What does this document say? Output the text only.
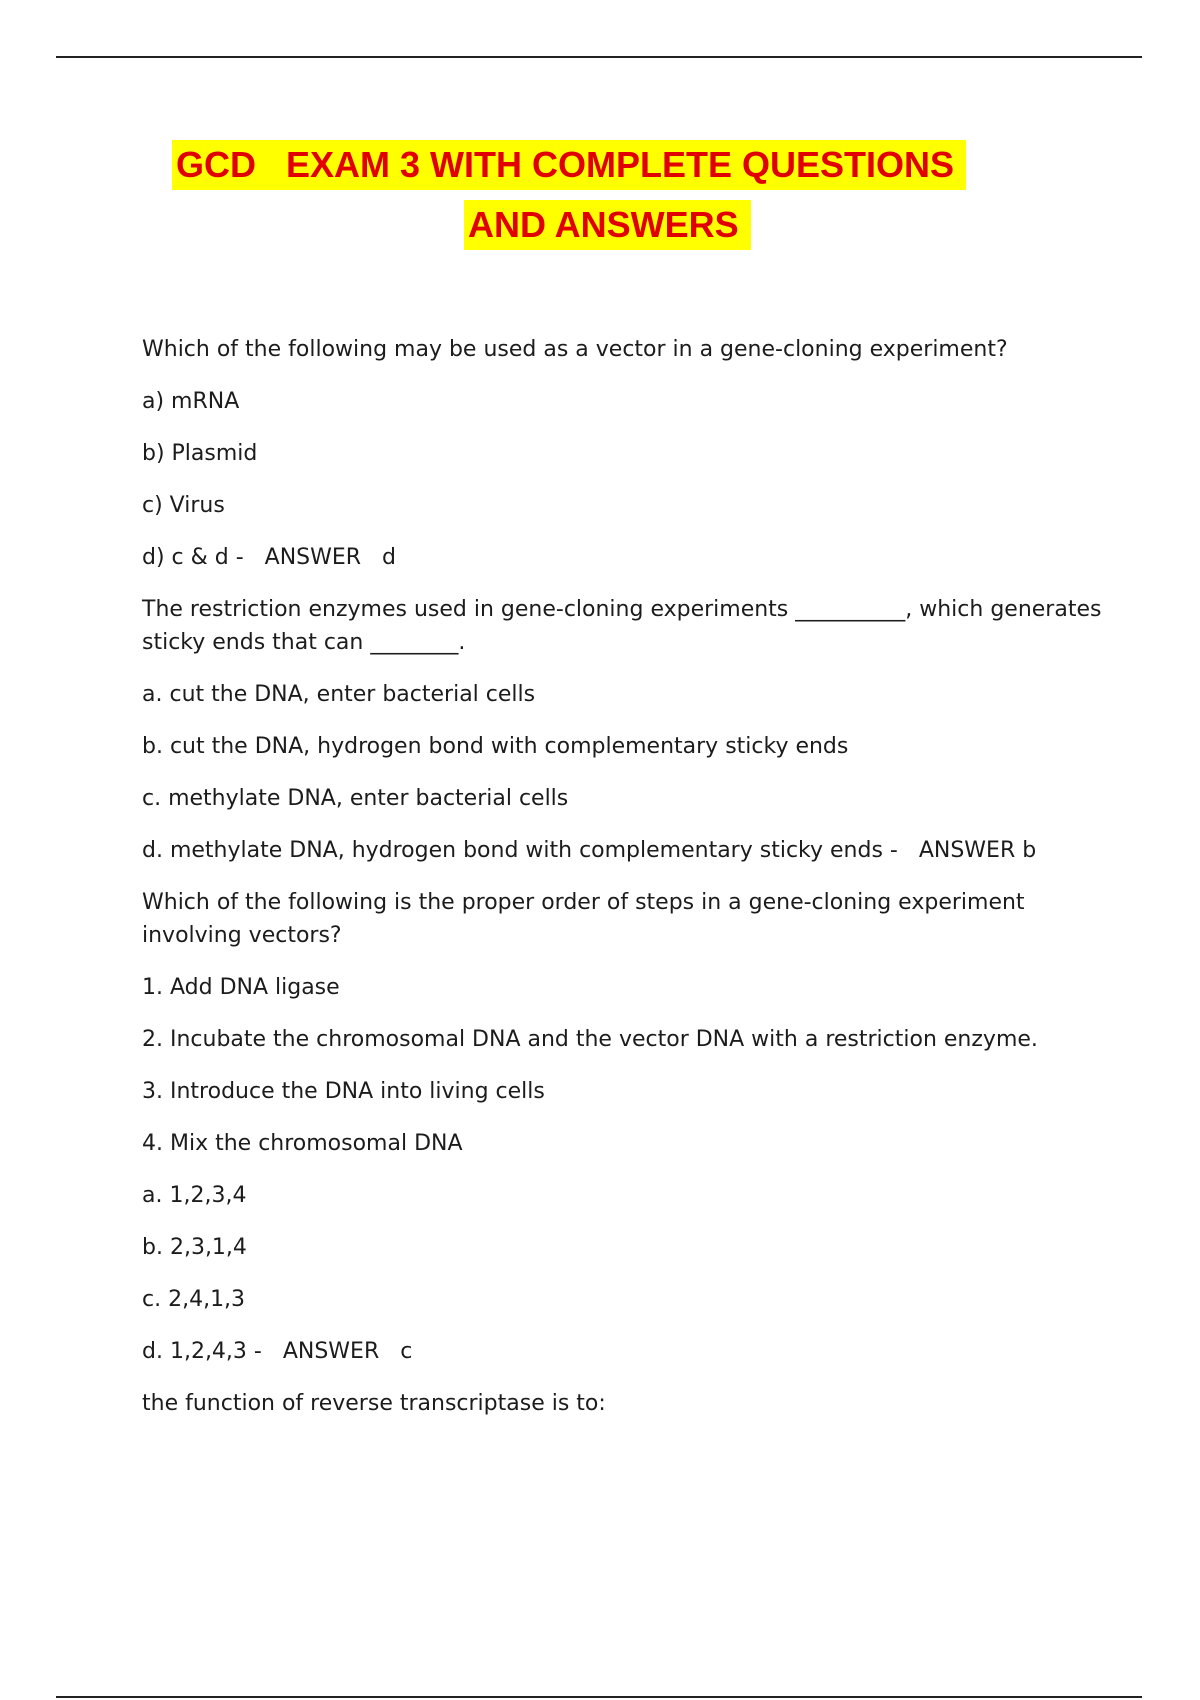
GCD   EXAM 3 WITH COMPLETE QUESTIONS
AND ANSWERS

Which of the following may be used as a vector in a gene-cloning experiment?

a) mRNA

b) Plasmid

c) Virus

d) c & d -   ANSWER   d

The restriction enzymes used in gene-cloning experiments __________, which generates sticky ends that can ________.

a. cut the DNA, enter bacterial cells

b. cut the DNA, hydrogen bond with complementary sticky ends

c. methylate DNA, enter bacterial cells

d. methylate DNA, hydrogen bond with complementary sticky ends -   ANSWER b

Which of the following is the proper order of steps in a gene-cloning experiment involving vectors?

1. Add DNA ligase

2. Incubate the chromosomal DNA and the vector DNA with a restriction enzyme.

3. Introduce the DNA into living cells

4. Mix the chromosomal DNA

a. 1,2,3,4

b. 2,3,1,4

c. 2,4,1,3

d. 1,2,4,3 -   ANSWER   c

the function of reverse transcriptase is to:
